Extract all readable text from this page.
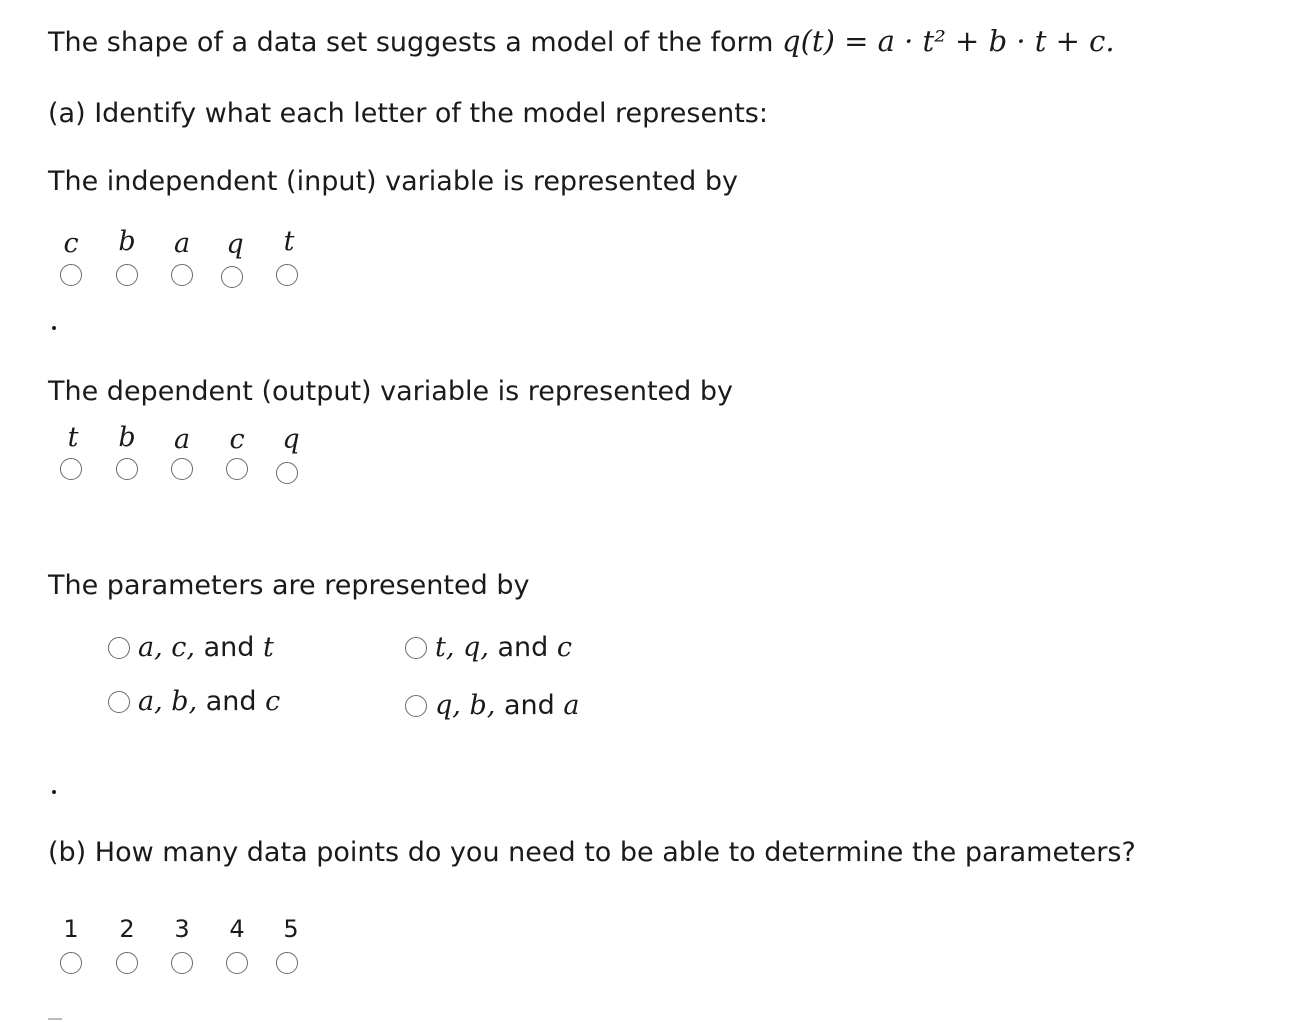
The shape of a data set suggests a model of the form q(t) = a · t² + b · t + c.
(a) Identify what each letter of the model represents:
The independent (input) variable is represented by
c b a q	t
The dependent (output) variable is represented by
t	b a c q
The parameters are represented by
a , c , and
t	t , q , and
c
a , b , and
c	q , b , and
a
(b) How many data points do you need to be able to determine the parameters?
1	2	3	4	5
